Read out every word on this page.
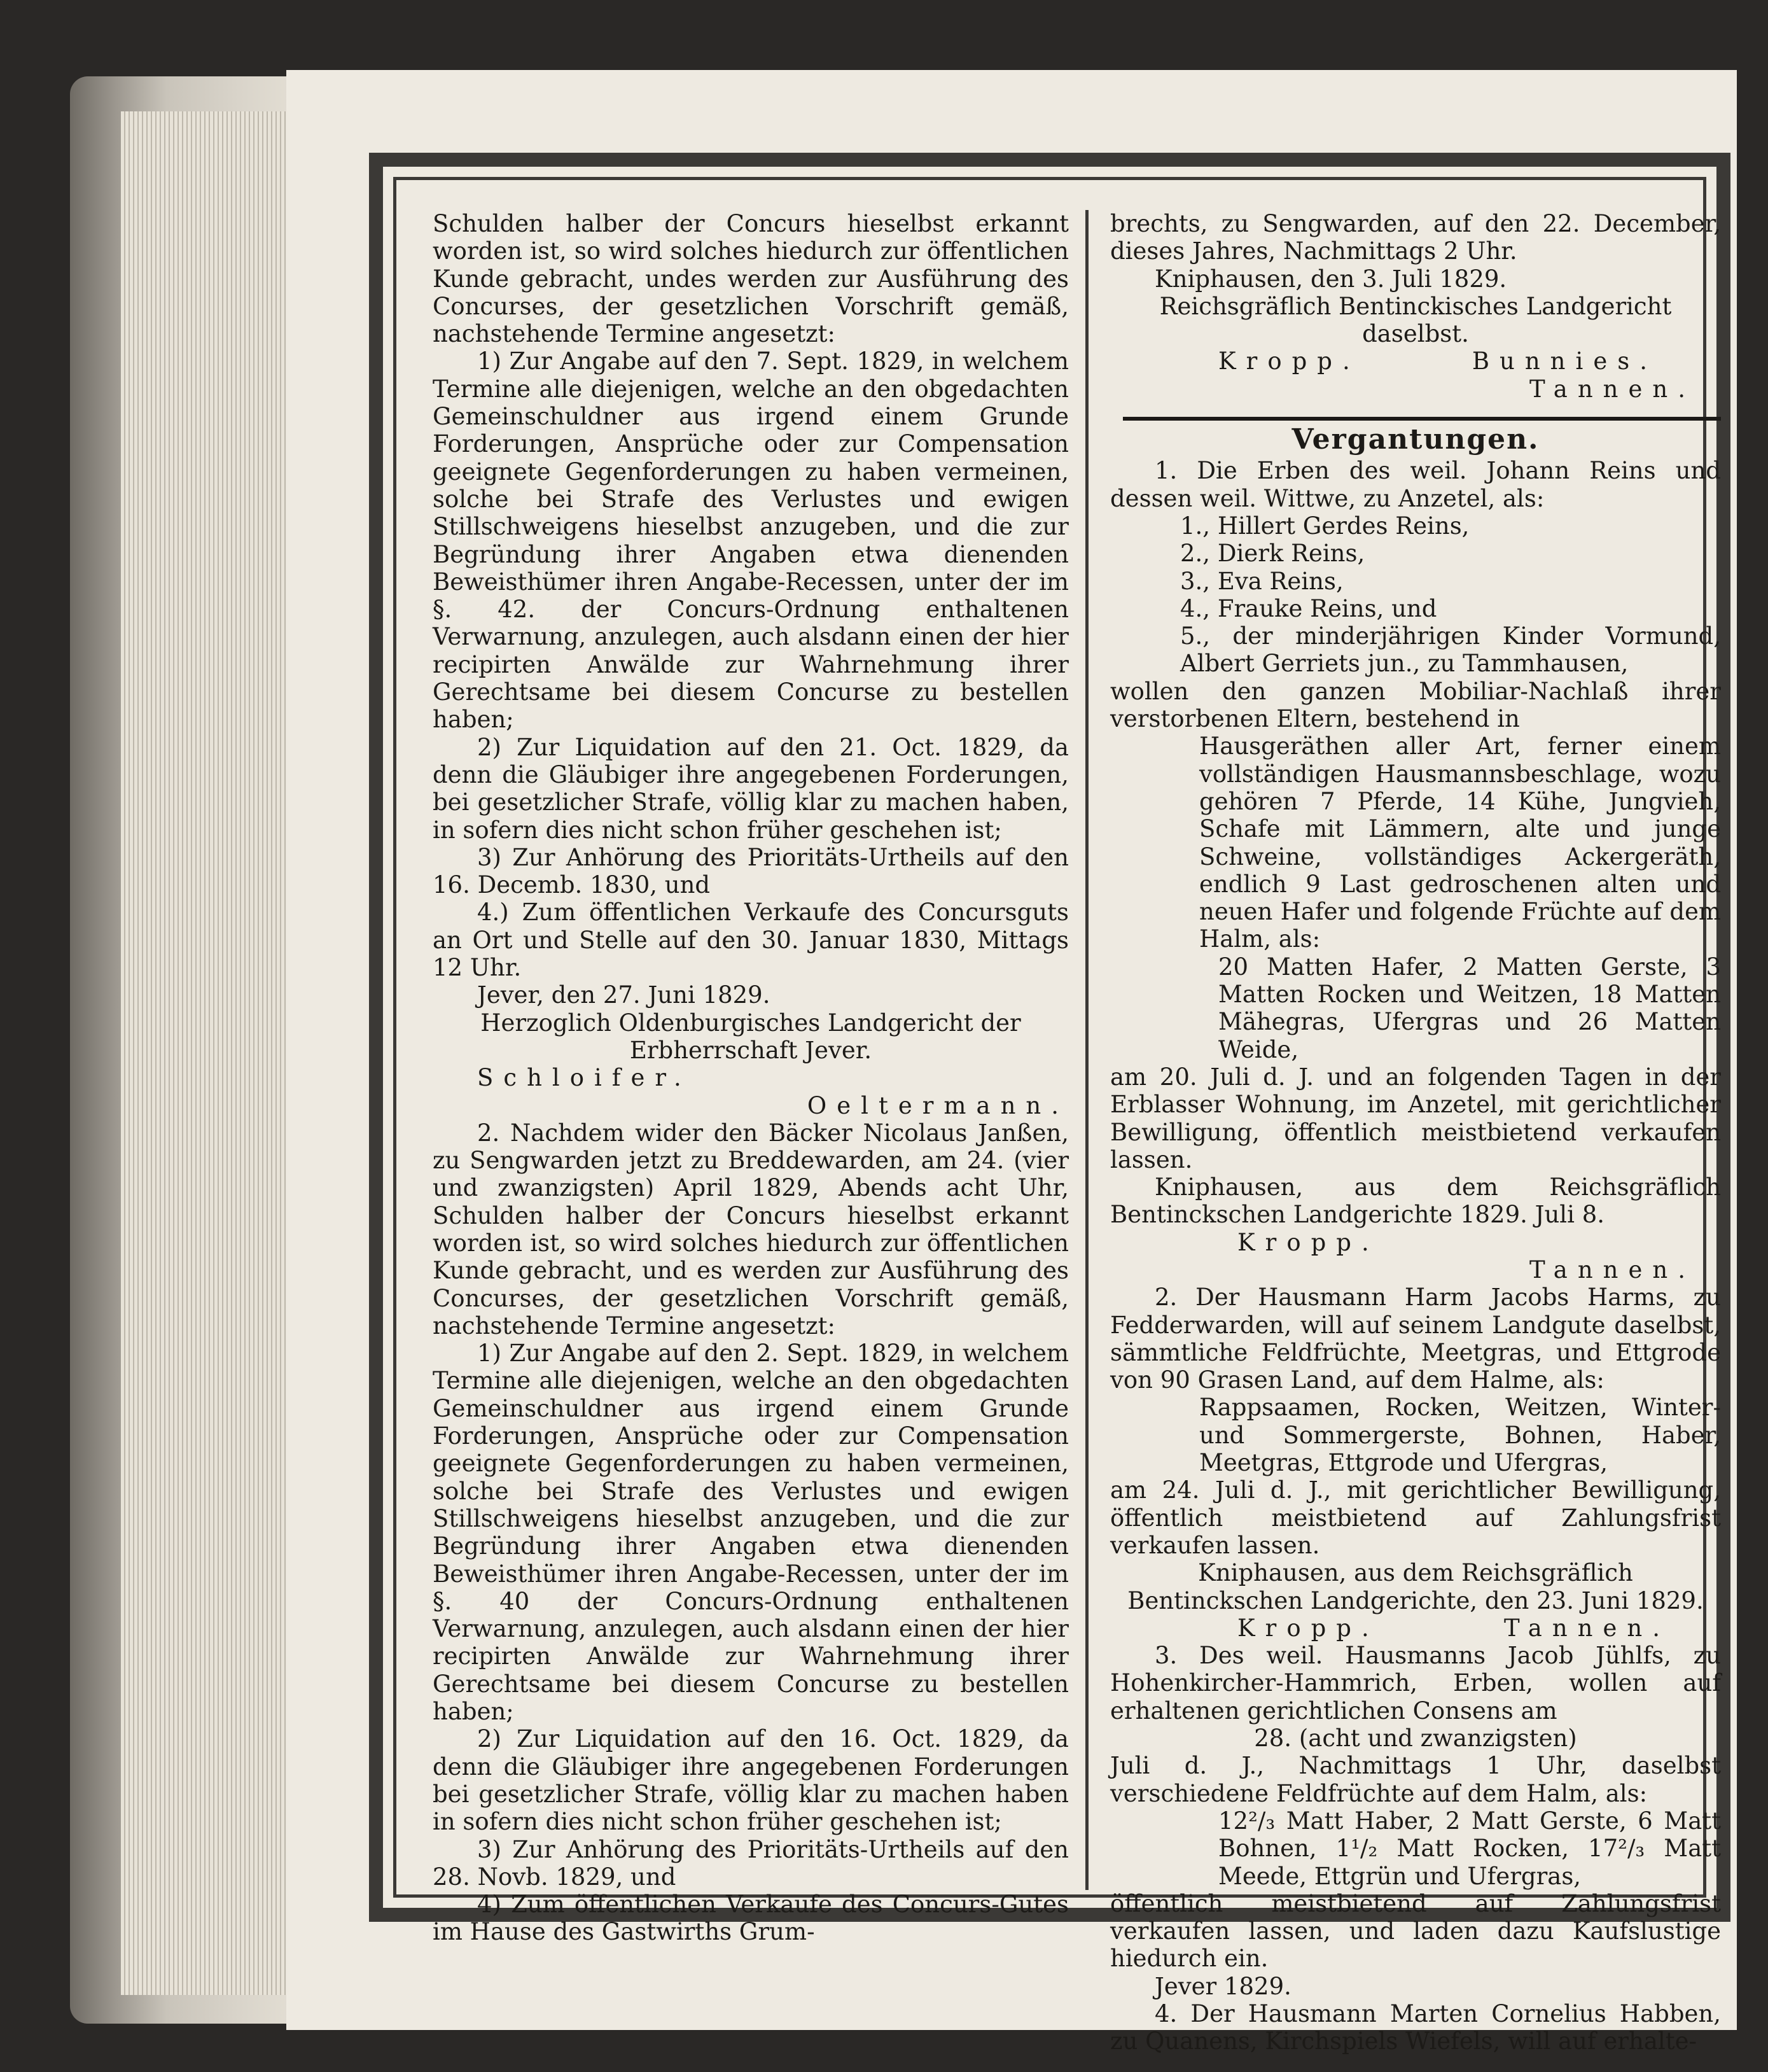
Schulden halber der Concurs hieselbst erkannt worden ist, so wird solches hiedurch zur öffentlichen Kunde gebracht, undes werden zur Ausführung des Concurses, der gesetzlichen Vorschrift gemäß, nachstehende Termine angesetzt:

1) Zur Angabe auf den 7. Sept. 1829, in welchem Termine alle diejenigen, welche an den obgedachten Gemeinschuldner aus irgend einem Grunde Forderungen, Ansprüche oder zur Compensation geeignete Gegenforderungen zu haben vermeinen, solche bei Strafe des Verlustes und ewigen Stillschweigens hieselbst anzugeben, und die zur Begründung ihrer Angaben etwa dienenden Beweisthümer ihren Angabe-Recessen, unter der im §. 42. der Concurs-Ordnung enthaltenen Verwarnung, anzulegen, auch alsdann einen der hier recipirten Anwälde zur Wahrnehmung ihrer Gerechtsame bei diesem Concurse zu bestellen haben;

2) Zur Liquidation auf den 21. Oct. 1829, da denn die Gläubiger ihre angegebenen Forderungen, bei gesetzlicher Strafe, völlig klar zu machen haben, in sofern dies nicht schon früher geschehen ist;

3) Zur Anhörung des Prioritäts-Urtheils auf den 16. Decemb. 1830, und

4.) Zum öffentlichen Verkaufe des Concursguts an Ort und Stelle auf den 30. Januar 1830, Mittags 12 Uhr.

Jever, den 27. Juni 1829.

Herzoglich Oldenburgisches Landgericht der Erbherrschaft Jever.

Schloifer.

Oeltermann.

2. Nachdem wider den Bäcker Nicolaus Janßen, zu Sengwarden jetzt zu Breddewarden, am 24. (vier und zwanzigsten) April 1829, Abends acht Uhr, Schulden halber der Concurs hieselbst erkannt worden ist, so wird solches hiedurch zur öffentlichen Kunde gebracht, und es werden zur Ausführung des Concurses, der gesetzlichen Vorschrift gemäß, nachstehende Termine angesetzt:

1) Zur Angabe auf den 2. Sept. 1829, in welchem Termine alle diejenigen, welche an den obgedachten Gemeinschuldner aus irgend einem Grunde Forderungen, Ansprüche oder zur Compensation geeignete Gegenforderungen zu haben vermeinen, solche bei Strafe des Verlustes und ewigen Stillschweigens hieselbst anzugeben, und die zur Begründung ihrer Angaben etwa dienenden Beweisthümer ihren Angabe-Recessen, unter der im §. 40 der Concurs-Ordnung enthaltenen Verwarnung, anzulegen, auch alsdann einen der hier recipirten Anwälde zur Wahrnehmung ihrer Gerechtsame bei diesem Concurse zu bestellen haben;

2) Zur Liquidation auf den 16. Oct. 1829, da denn die Gläubiger ihre angegebenen Forderungen bei gesetzlicher Strafe, völlig klar zu machen haben in sofern dies nicht schon früher geschehen ist;

3) Zur Anhörung des Prioritäts-Urtheils auf den 28. Novb. 1829, und

4) Zum öffentlichen Verkaufe des Concurs-Gutes im Hause des Gastwirths Grum-

brechts, zu Sengwarden, auf den 22. December, dieses Jahres, Nachmittags 2 Uhr.

Kniphausen, den 3. Juli 1829.

Reichsgräflich Bentinckisches Landgericht daselbst.

Kropp.	Bunnies.

Tannen.

Vergantungen.

1. Die Erben des weil. Johann Reins und dessen weil. Wittwe, zu Anzetel, als:

1., Hillert Gerdes Reins,

2., Dierk Reins,

3., Eva Reins,

4., Frauke Reins, und

5., der minderjährigen Kinder Vormund, Albert Gerriets jun., zu Tammhausen,

wollen den ganzen Mobiliar-Nachlaß ihrer verstorbenen Eltern, bestehend in

Hausgeräthen aller Art, ferner einem vollständigen Hausmannsbeschlage, wozu gehören 7 Pferde, 14 Kühe, Jungvieh, Schafe mit Lämmern, alte und junge Schweine, vollständiges Ackergeräth, endlich 9 Last gedroschenen alten und neuen Hafer und folgende Früchte auf dem Halm, als:

20 Matten Hafer, 2 Matten Gerste, 3 Matten Rocken und Weitzen, 18 Matten Mähegras, Ufergras und 26 Matten Weide,

am 20. Juli d. J. und an folgenden Tagen in der Erblasser Wohnung, im Anzetel, mit gerichtlicher Bewilligung, öffentlich meistbietend verkaufen lassen.

Kniphausen, aus dem Reichsgräflich Bentinckschen Landgerichte 1829. Juli 8.

Kropp.

Tannen.

2. Der Hausmann Harm Jacobs Harms, zu Fedderwarden, will auf seinem Landgute daselbst, sämmtliche Feldfrüchte, Meetgras, und Ettgrode von 90 Grasen Land, auf dem Halme, als:

Rappsaamen, Rocken, Weitzen, Winter- und Sommergerste, Bohnen, Haber, Meetgras, Ettgrode und Ufergras,

am 24. Juli d. J., mit gerichtlicher Bewilligung, öffentlich meistbietend auf Zahlungsfrist verkaufen lassen.

Kniphausen, aus dem Reichsgräflich Bentinckschen Landgerichte, den 23. Juni 1829.

Kropp.	Tannen.

3. Des weil. Hausmanns Jacob Jühlfs, zu Hohenkircher-Hammrich, Erben, wollen auf erhaltenen gerichtlichen Consens am

28. (acht und zwanzigsten)

Juli d. J., Nachmittags 1 Uhr, daselbst verschiedene Feldfrüchte auf dem Halm, als:

12²/₃ Matt Haber, 2 Matt Gerste, 6 Matt Bohnen, 1¹/₂ Matt Rocken, 17²/₃ Matt Meede, Ettgrün und Ufergras,

öffentlich meistbietend auf Zahlungsfrist verkaufen lassen, und laden dazu Kaufslustige hiedurch ein.

Jever 1829.

4. Der Hausmann Marten Cornelius Habben, zu Quanens, Kirchspiels Wiefels, will auf erhalte-
